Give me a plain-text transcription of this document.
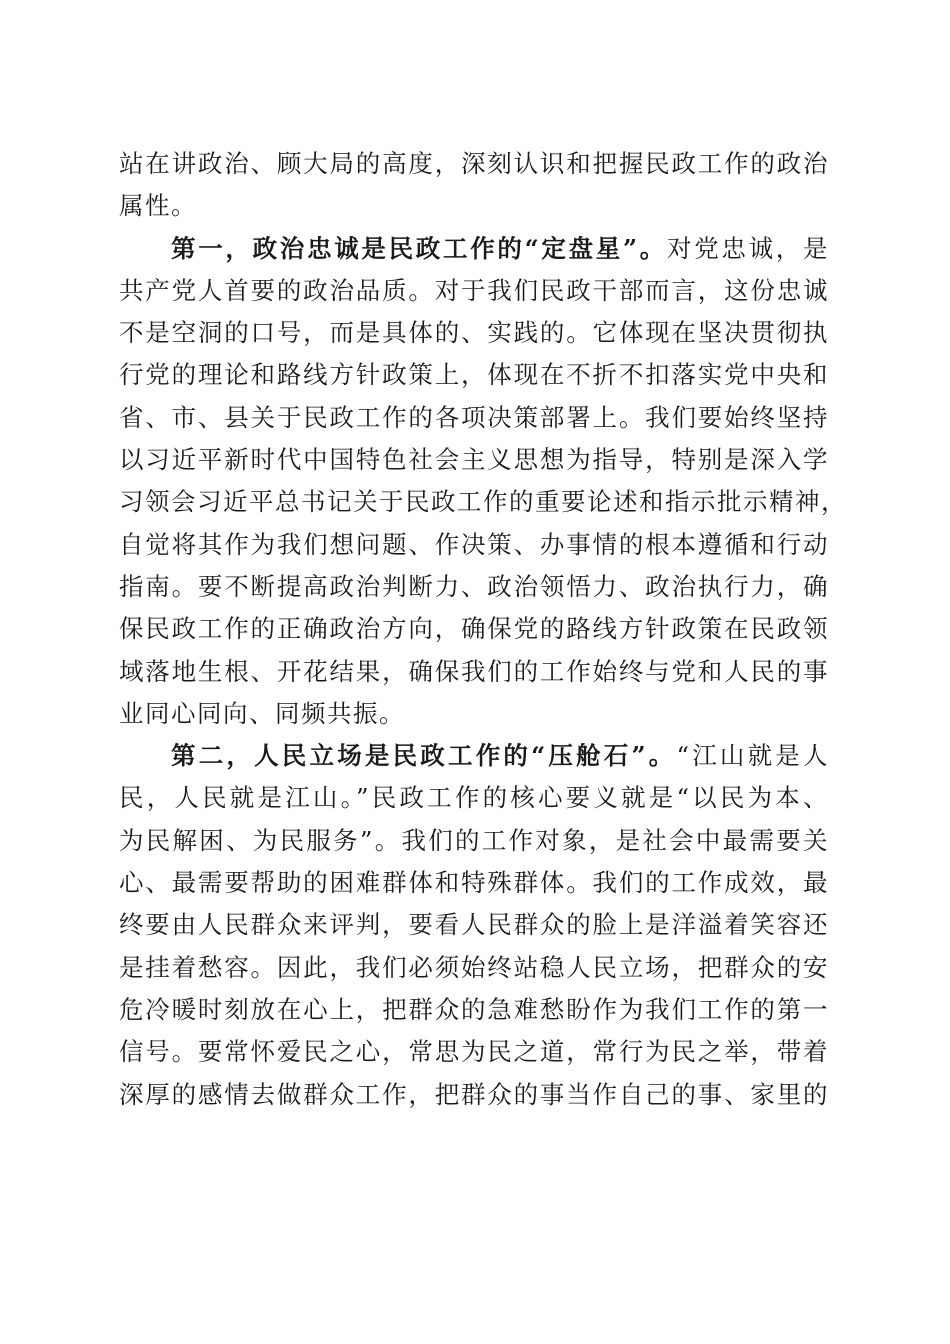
站在讲政治、顾大局的高度，深刻认识和把握民政工作的政治
属性。
第一，政治忠诚是民政工作的“定盘星”。对党忠诚，是
共产党人首要的政治品质。对于我们民政干部而言，这份忠诚
不是空洞的口号，而是具体的、实践的。它体现在坚决贯彻执
行党的理论和路线方针政策上，体现在不折不扣落实党中央和
省、市、县关于民政工作的各项决策部署上。我们要始终坚持
以习近平新时代中国特色社会主义思想为指导，特别是深入学
习领会习近平总书记关于民政工作的重要论述和指示批示精神，
自觉将其作为我们想问题、作决策、办事情的根本遵循和行动
指南。要不断提高政治判断力、政治领悟力、政治执行力，确
保民政工作的正确政治方向，确保党的路线方针政策在民政领
域落地生根、开花结果，确保我们的工作始终与党和人民的事
业同心同向、同频共振。
第二，人民立场是民政工作的“压舱石”。“江山就是人
民，人民就是江山。”民政工作的核心要义就是“以民为本、
为民解困、为民服务”。我们的工作对象，是社会中最需要关
心、最需要帮助的困难群体和特殊群体。我们的工作成效，最
终要由人民群众来评判，要看人民群众的脸上是洋溢着笑容还
是挂着愁容。因此，我们必须始终站稳人民立场，把群众的安
危冷暖时刻放在心上，把群众的急难愁盼作为我们工作的第一
信号。要常怀爱民之心，常思为民之道，常行为民之举，带着
深厚的感情去做群众工作，把群众的事当作自己的事、家里的
